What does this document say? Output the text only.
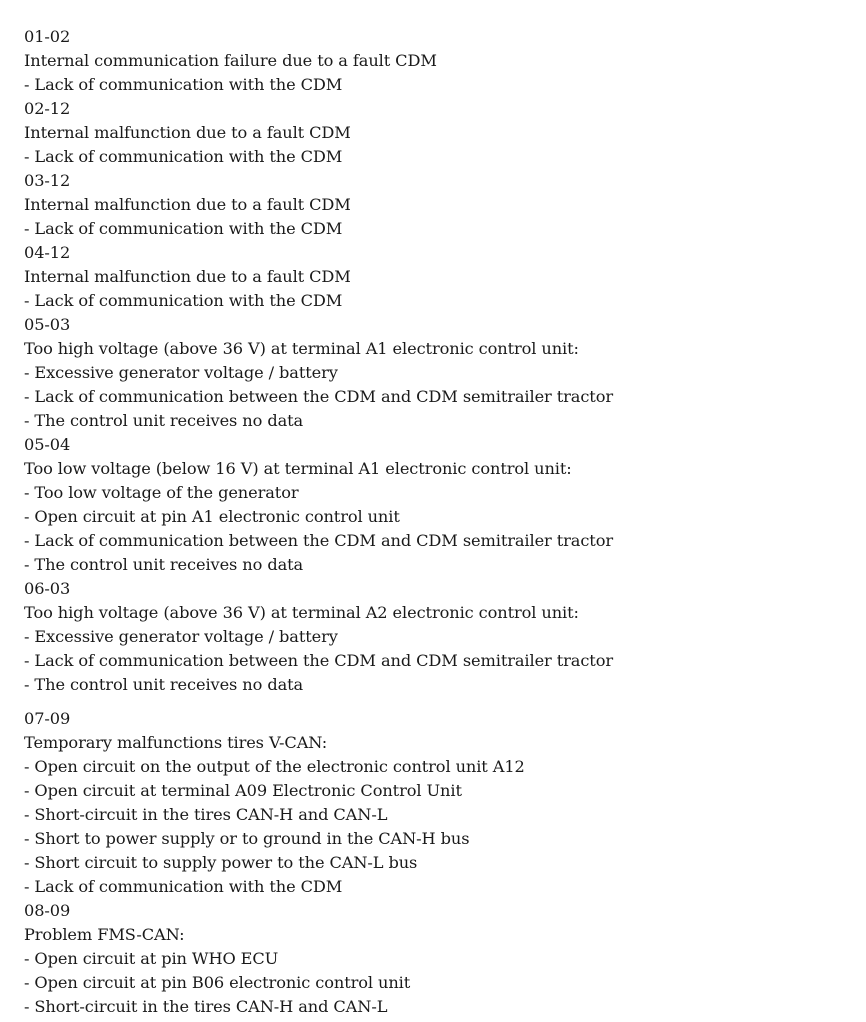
01-02
Internal communication failure due to a fault CDM
- Lack of communication with the CDM
02-12
Internal malfunction due to a fault CDM
- Lack of communication with the CDM
03-12
Internal malfunction due to a fault CDM
- Lack of communication with the CDM
04-12
Internal malfunction due to a fault CDM
- Lack of communication with the CDM
05-03
Too high voltage (above 36 V) at terminal A1 electronic control unit:
- Excessive generator voltage / battery
- Lack of communication between the CDM and CDM semitrailer tractor
- The control unit receives no data
05-04
Too low voltage (below 16 V) at terminal A1 electronic control unit:
- Too low voltage of the generator
- Open circuit at pin A1 electronic control unit
- Lack of communication between the CDM and CDM semitrailer tractor
- The control unit receives no data
06-03
Too high voltage (above 36 V) at terminal A2 electronic control unit:
- Excessive generator voltage / battery
- Lack of communication between the CDM and CDM semitrailer tractor
- The control unit receives no data
07-09
Temporary malfunctions tires V-CAN:
- Open circuit on the output of the electronic control unit A12
- Open circuit at terminal A09 Electronic Control Unit
- Short-circuit in the tires CAN-H and CAN-L
- Short to power supply or to ground in the CAN-H bus
- Short circuit to supply power to the CAN-L bus
- Lack of communication with the CDM
08-09
Problem FMS-CAN:
- Open circuit at pin WHO ECU
- Open circuit at pin B06 electronic control unit
- Short-circuit in the tires CAN-H and CAN-L
